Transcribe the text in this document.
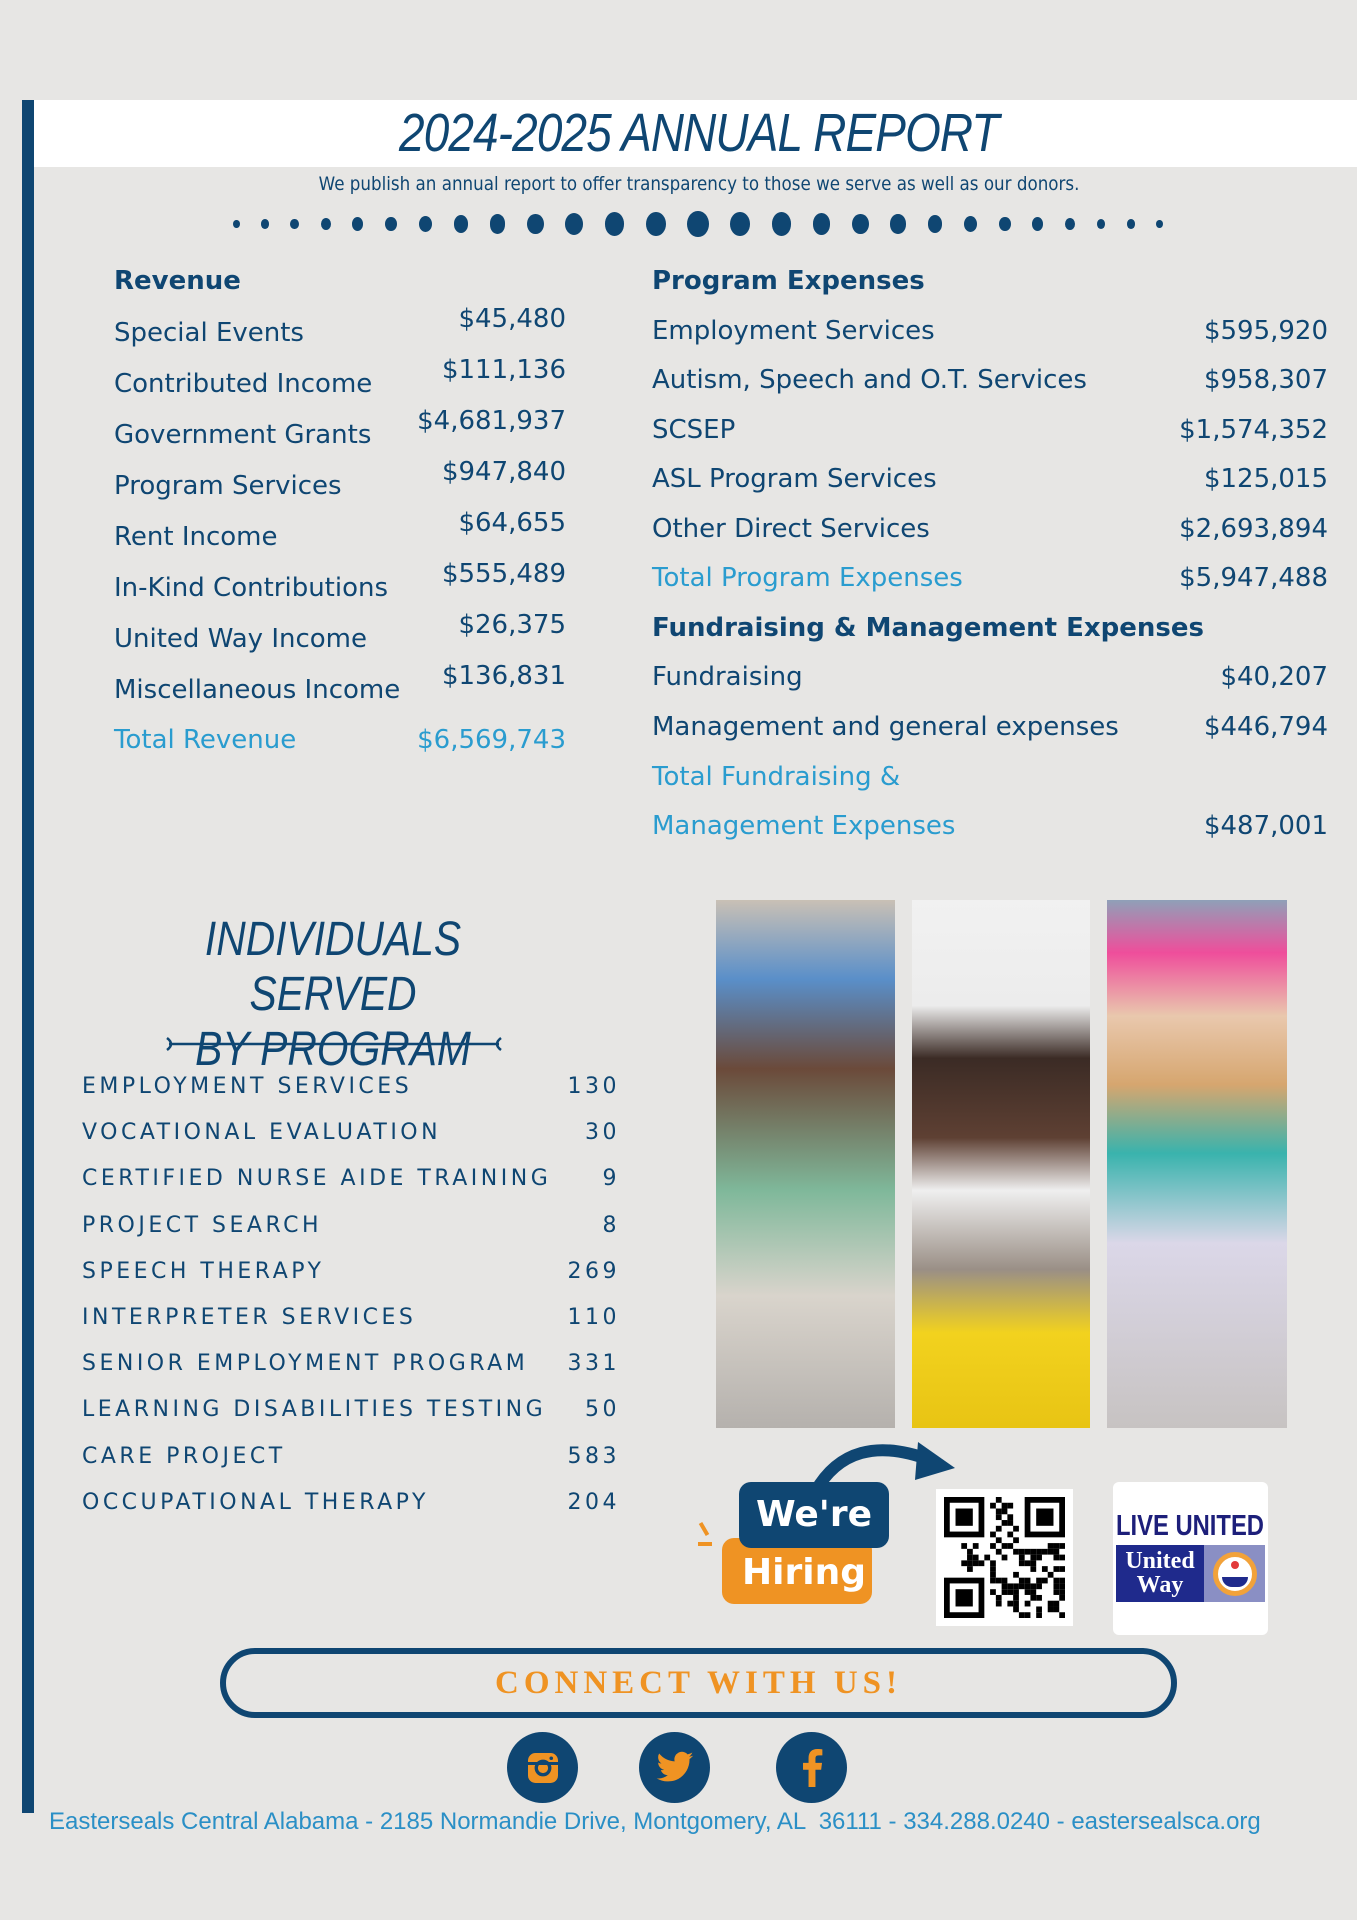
2024-2025 ANNUAL REPORT
We publish an annual report to offer transparency to those we serve as well as our donors.
Revenue
Special Events	$45,480
Contributed Income	$111,136
Government Grants $4,681,937
Program Services	$947,840
Rent Income	$64,655
In-Kind Contributions $555,489
United Way Income	$26,375
Miscellaneous Income $136,831
Total Revenue	$6,569,743
Program Expenses
Employment Services	$595,920
Autism, Speech and O.T. Services	$958,307
SCSEP	$1,574,352
ASL Program Services	$125,015
Other Direct Services	$2,693,894
Total Program Expenses	$5,947,488
Fundraising & Management Expenses
Fundraising	$40,207
Management and general expenses	$446,794
Total Fundraising &
Management Expenses	$487,001
INDIVIDUALS SERVED
BY PROGRAM
EMPLOYMENT SERVICES	130
VOCATIONAL EVALUATION	30
CERTIFIED NURSE AIDE TRAINING	9
PROJECT SEARCH	8
SPEECH THERAPY	269
INTERPRETER SERVICES	110
SENIOR EMPLOYMENT PROGRAM	331
LEARNING DISABILITIES TESTING	50
CARE PROJECT	583
OCCUPATIONAL THERAPY	204
Hiring
We're	LIVE UNITED
United
Way
CONNECT WITH US!
Easterseals Central Alabama - 2185 Normandie Drive, Montgomery, AL  36111 - 334.288.0240 - eastersealsca.org
